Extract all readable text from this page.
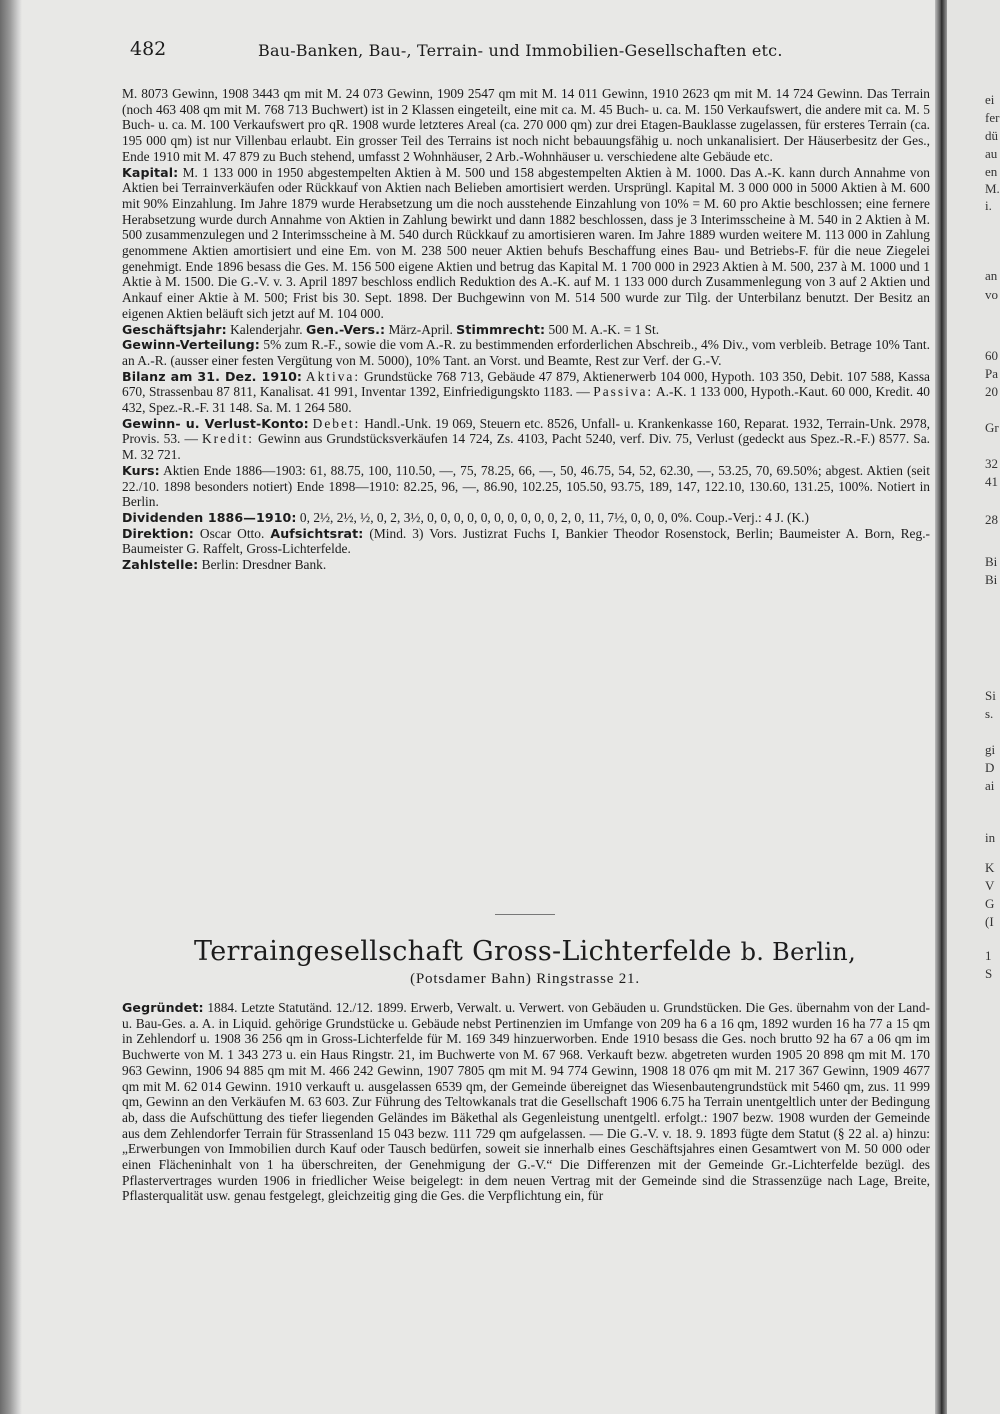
482	Bau-Banken, Bau-, Terrain- und Immobilien-Gesellschaften etc.

M. 8073 Gewinn, 1908 3443 qm mit M. 24 073 Gewinn, 1909 2547 qm mit M. 14 011 Gewinn, 1910 2623 qm mit M. 14 724 Gewinn. Das Terrain (noch 463 408 qm mit M. 768 713 Buchwert) ist in 2 Klassen eingeteilt, eine mit ca. M. 45 Buch- u. ca. M. 150 Verkaufswert, die andere mit ca. M. 5 Buch- u. ca. M. 100 Verkaufswert pro qR. 1908 wurde letzteres Areal (ca. 270 000 qm) zur drei Etagen-Bauklasse zugelassen, für ersteres Terrain (ca. 195 000 qm) ist nur Villenbau erlaubt. Ein grosser Teil des Terrains ist noch nicht bebauungsfähig u. noch unkanalisiert. Der Häuserbesitz der Ges., Ende 1910 mit M. 47 879 zu Buch stehend, umfasst 2 Wohnhäuser, 2 Arb.-Wohnhäuser u. verschiedene alte Gebäude etc.

Kapital: M. 1 133 000 in 1950 abgestempelten Aktien à M. 500 und 158 abgestempelten Aktien à M. 1000. Das A.-K. kann durch Annahme von Aktien bei Terrainverkäufen oder Rückkauf von Aktien nach Belieben amortisiert werden. Ursprüngl. Kapital M. 3 000 000 in 5000 Aktien à M. 600 mit 90% Einzahlung. Im Jahre 1879 wurde Herabsetzung um die noch ausstehende Einzahlung von 10% = M. 60 pro Aktie beschlossen; eine fernere Herabsetzung wurde durch Annahme von Aktien in Zahlung bewirkt und dann 1882 beschlossen, dass je 3 Interimsscheine à M. 540 in 2 Aktien à M. 500 zusammenzulegen und 2 Interimsscheine à M. 540 durch Rückkauf zu amortisieren waren. Im Jahre 1889 wurden weitere M. 113 000 in Zahlung genommene Aktien amortisiert und eine Em. von M. 238 500 neuer Aktien behufs Beschaffung eines Bau- und Betriebs-F. für die neue Ziegelei genehmigt. Ende 1896 besass die Ges. M. 156 500 eigene Aktien und betrug das Kapital M. 1 700 000 in 2923 Aktien à M. 500, 237 à M. 1000 und 1 Aktie à M. 1500. Die G.-V. v. 3. April 1897 beschloss endlich Reduktion des A.-K. auf M. 1 133 000 durch Zusammenlegung von 3 auf 2 Aktien und Ankauf einer Aktie à M. 500; Frist bis 30. Sept. 1898. Der Buchgewinn von M. 514 500 wurde zur Tilg. der Unterbilanz benutzt. Der Besitz an eigenen Aktien beläuft sich jetzt auf M. 104 000.

Geschäftsjahr: Kalenderjahr. Gen.-Vers.: März-April. Stimmrecht: 500 M. A.-K. = 1 St.

Gewinn-Verteilung: 5% zum R.-F., sowie die vom A.-R. zu bestimmenden erforderlichen Abschreib., 4% Div., vom verbleib. Betrage 10% Tant. an A.-R. (ausser einer festen Vergütung von M. 5000), 10% Tant. an Vorst. und Beamte, Rest zur Verf. der G.-V.

Bilanz am 31. Dez. 1910: Aktiva: Grundstücke 768 713, Gebäude 47 879, Aktienerwerb 104 000, Hypoth. 103 350, Debit. 107 588, Kassa 670, Strassenbau 87 811, Kanalisat. 41 991, Inventar 1392, Einfriedigungskto 1183. — Passiva: A.-K. 1 133 000, Hypoth.-Kaut. 60 000, Kredit. 40 432, Spez.-R.-F. 31 148. Sa. M. 1 264 580.

Gewinn- u. Verlust-Konto: Debet: Handl.-Unk. 19 069, Steuern etc. 8526, Unfall- u. Krankenkasse 160, Reparat. 1932, Terrain-Unk. 2978, Provis. 53. — Kredit: Gewinn aus Grundstücksverkäufen 14 724, Zs. 4103, Pacht 5240, verf. Div. 75, Verlust (gedeckt aus Spez.-R.-F.) 8577. Sa. M. 32 721.

Kurs: Aktien Ende 1886—1903: 61, 88.75, 100, 110.50, —, 75, 78.25, 66, —, 50, 46.75, 54, 52, 62.30, —, 53.25, 70, 69.50%; abgest. Aktien (seit 22./10. 1898 besonders notiert) Ende 1898—1910: 82.25, 96, —, 86.90, 102.25, 105.50, 93.75, 189, 147, 122.10, 130.60, 131.25, 100%. Notiert in Berlin.

Dividenden 1886—1910: 0, 2½, 2½, ½, 0, 2, 3½, 0, 0, 0, 0, 0, 0, 0, 0, 0, 0, 2, 0, 11, 7½, 0, 0, 0, 0%. Coup.-Verj.: 4 J. (K.)

Direktion: Oscar Otto. Aufsichtsrat: (Mind. 3) Vors. Justizrat Fuchs I, Bankier Theodor Rosenstock, Berlin; Baumeister A. Born, Reg.-Baumeister G. Raffelt, Gross-Lichterfelde.

Zahlstelle: Berlin: Dresdner Bank.

Terraingesellschaft Gross-Lichterfelde b. Berlin,
(Potsdamer Bahn) Ringstrasse 21.

Gegründet: 1884. Letzte Statutänd. 12./12. 1899. Erwerb, Verwalt. u. Verwert. von Gebäuden u. Grundstücken. Die Ges. übernahm von der Land- u. Bau-Ges. a. A. in Liquid. gehörige Grundstücke u. Gebäude nebst Pertinenzien im Umfange von 209 ha 6 a 16 qm, 1892 wurden 16 ha 77 a 15 qm in Zehlendorf u. 1908 36 256 qm in Gross-Lichterfelde für M. 169 349 hinzuerworben. Ende 1910 besass die Ges. noch brutto 92 ha 67 a 06 qm im Buchwerte von M. 1 343 273 u. ein Haus Ringstr. 21, im Buchwerte von M. 67 968. Verkauft bezw. abgetreten wurden 1905 20 898 qm mit M. 170 963 Gewinn, 1906 94 885 qm mit M. 466 242 Gewinn, 1907 7805 qm mit M. 94 774 Gewinn, 1908 18 076 qm mit M. 217 367 Gewinn, 1909 4677 qm mit M. 62 014 Gewinn. 1910 verkauft u. ausgelassen 6539 qm, der Gemeinde übereignet das Wiesenbautengrundstück mit 5460 qm, zus. 11 999 qm, Gewinn an den Verkäufen M. 63 603. Zur Führung des Teltowkanals trat die Gesellschaft 1906 6.75 ha Terrain unentgeltlich unter der Bedingung ab, dass die Aufschüttung des tiefer liegenden Geländes im Bäkethal als Gegenleistung unentgeltl. erfolgt.: 1907 bezw. 1908 wurden der Gemeinde aus dem Zehlendorfer Terrain für Strassenland 15 043 bezw. 111 729 qm aufgelassen. — Die G.-V. v. 18. 9. 1893 fügte dem Statut (§ 22 al. a) hinzu: „Erwerbungen von Immobilien durch Kauf oder Tausch bedürfen, soweit sie innerhalb eines Geschäftsjahres einen Gesamtwert von M. 50 000 oder einen Flächeninhalt von 1 ha überschreiten, der Genehmigung der G.-V.“ Die Differenzen mit der Gemeinde Gr.-Lichterfelde bezügl. des Pflastervertrages wurden 1906 in friedlicher Weise beigelegt: in dem neuen Vertrag mit der Gemeinde sind die Strassenzüge nach Lage, Breite, Pflasterqualität usw. genau festgelegt, gleichzeitig ging die Ges. die Verpflichtung ein, für

ei
fer
dü
au
en
M.
i.
an
vo
60
Pa
20
Gr
32
41
28
Bi
Bi
Si
s.
gi
D
ai
in
K
V
G
(I
1
S
